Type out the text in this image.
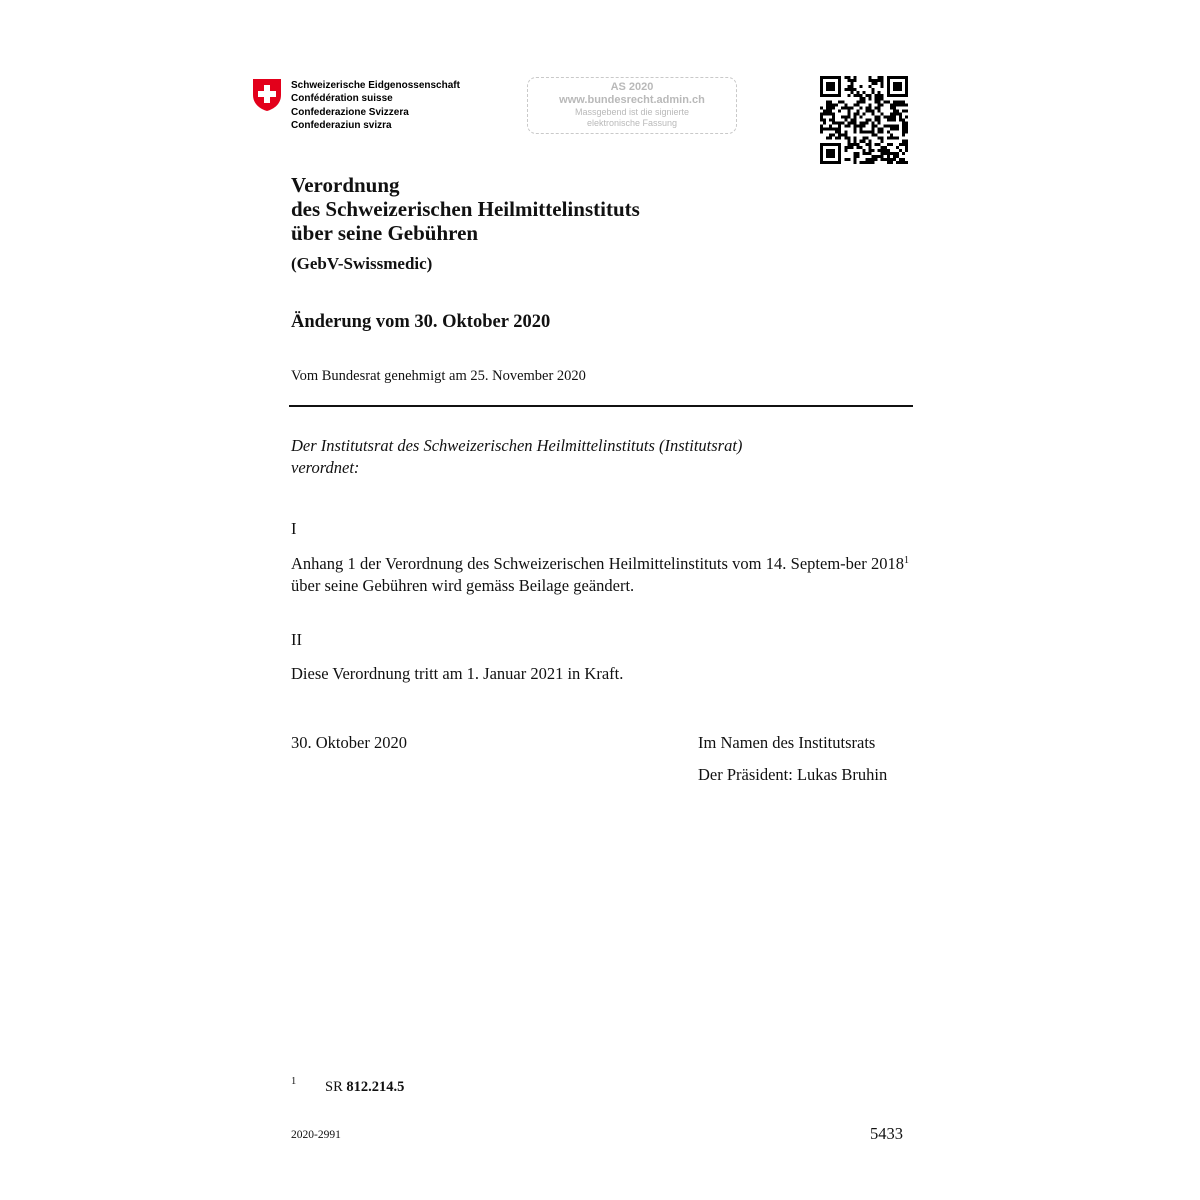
Schweizerische Eidgenossenschaft
Confédération suisse
Confederazione Svizzera
Confederaziun svizra
AS 2020
www.bundesrecht.admin.ch
Massgebend ist die signierte
elektronische Fassung
Verordnung
des Schweizerischen Heilmittelinstituts
über seine Gebühren
(GebV-Swissmedic)
Änderung vom 30. Oktober 2020
Vom Bundesrat genehmigt am 25. November 2020
Der Institutsrat des Schweizerischen Heilmittelinstituts (Institutsrat)
verordnet:
I
Anhang 1 der Verordnung des Schweizerischen Heilmittelinstituts vom 14. Septem-ber 2018$^1$ über seine Gebühren wird gemäss Beilage geändert.
II
Diese Verordnung tritt am 1. Januar 2021 in Kraft.
30. Oktober 2020	Im Namen des Institutsrats
Der Präsident: Lukas Bruhin
1 SR 812.214.5
2020-2991	5433
